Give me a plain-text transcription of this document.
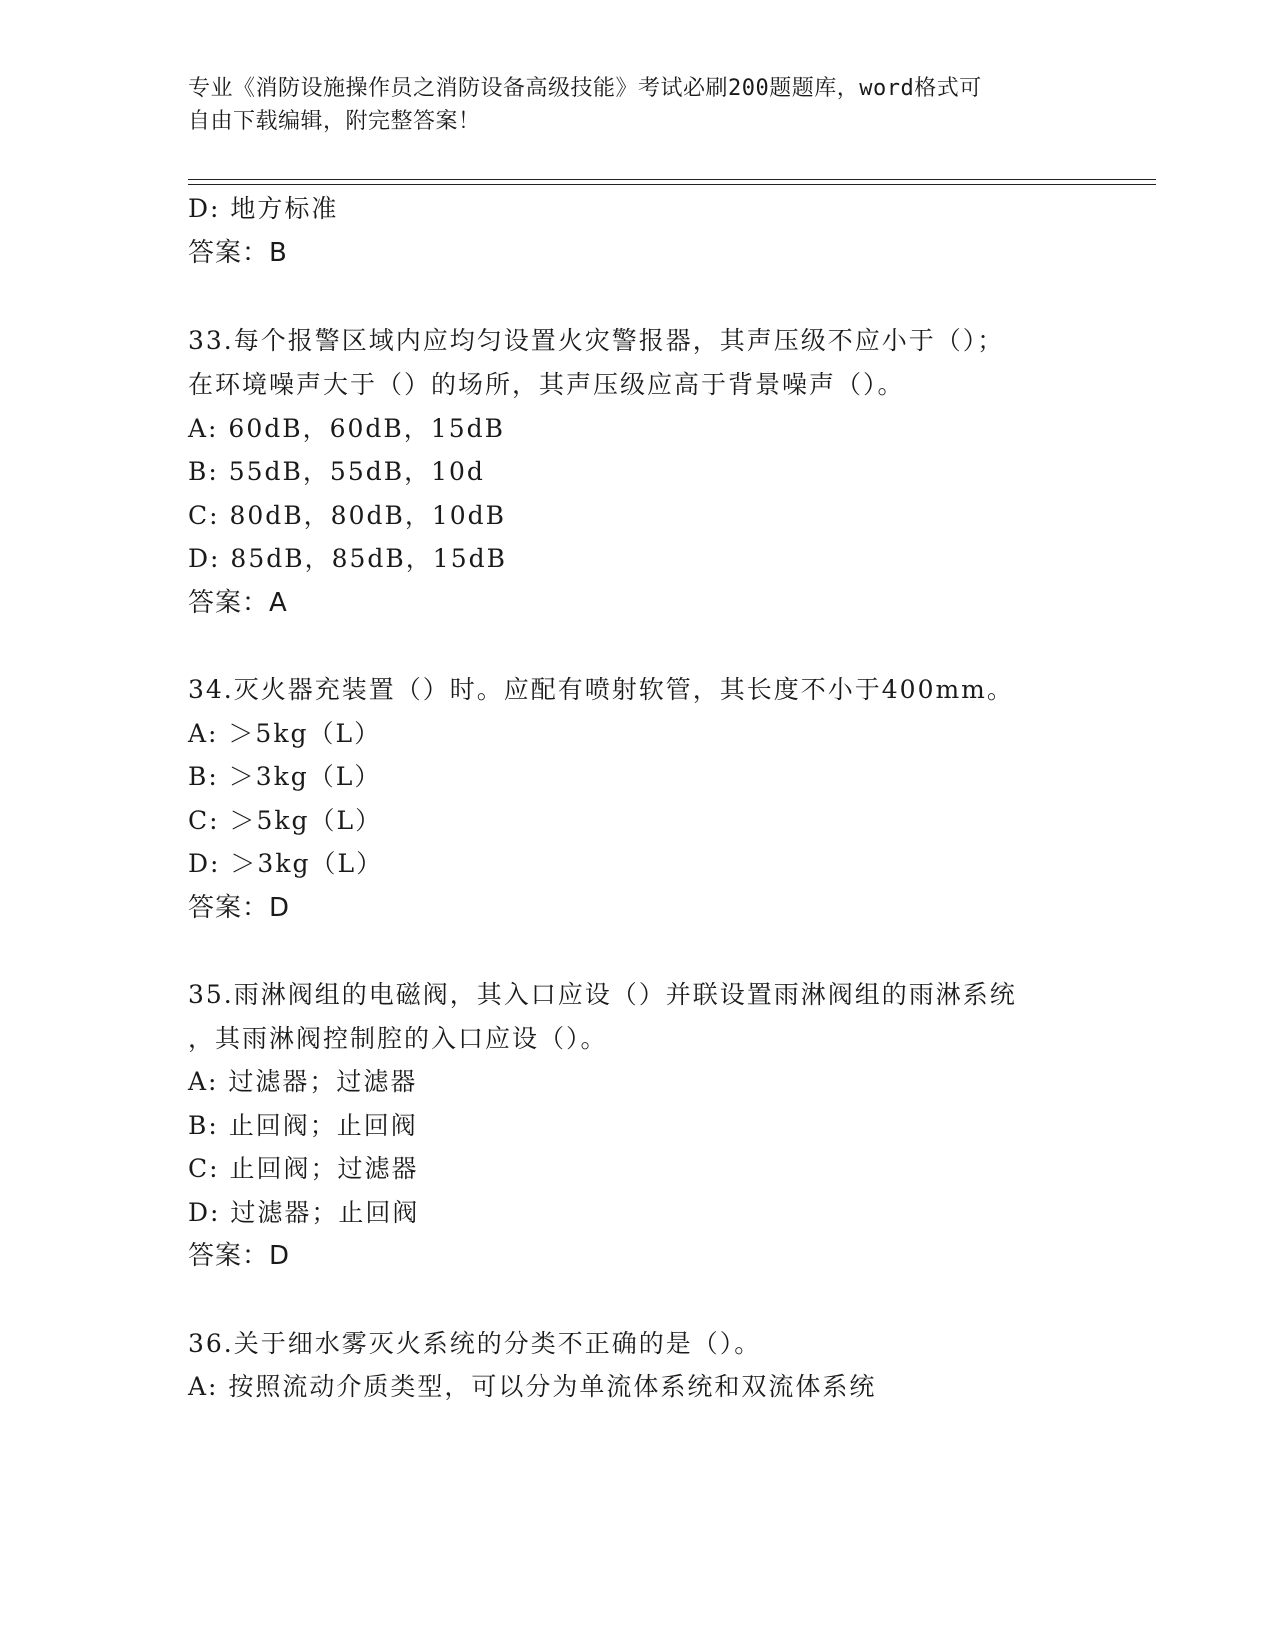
专业《消防设施操作员之消防设备高级技能》考试必刷200题题库，word格式可
自由下载编辑，附完整答案！
D: 地方标准
答案：B
33.每个报警区域内应均匀设置火灾警报器，其声压级不应小于（）；
在环境噪声大于（）的场所，其声压级应高于背景噪声（）。
A: 60dB，60dB，15dB
B: 55dB，55dB，10d
C: 80dB，80dB，10dB
D: 85dB，85dB，15dB
答案：A
34.灭火器充装置（）时。应配有喷射软管，其长度不小于400mm。
A: ＞5kg（L）
B: ＞3kg（L）
C: ＞5kg（L）
D: ＞3kg（L）
答案：D
35.雨淋阀组的电磁阀，其入口应设（）并联设置雨淋阀组的雨淋系统
，其雨淋阀控制腔的入口应设（）。
A: 过滤器；过滤器
B: 止回阀；止回阀
C: 止回阀；过滤器
D: 过滤器；止回阀
答案：D
36.关于细水雾灭火系统的分类不正确的是（）。
A: 按照流动介质类型，可以分为单流体系统和双流体系统
